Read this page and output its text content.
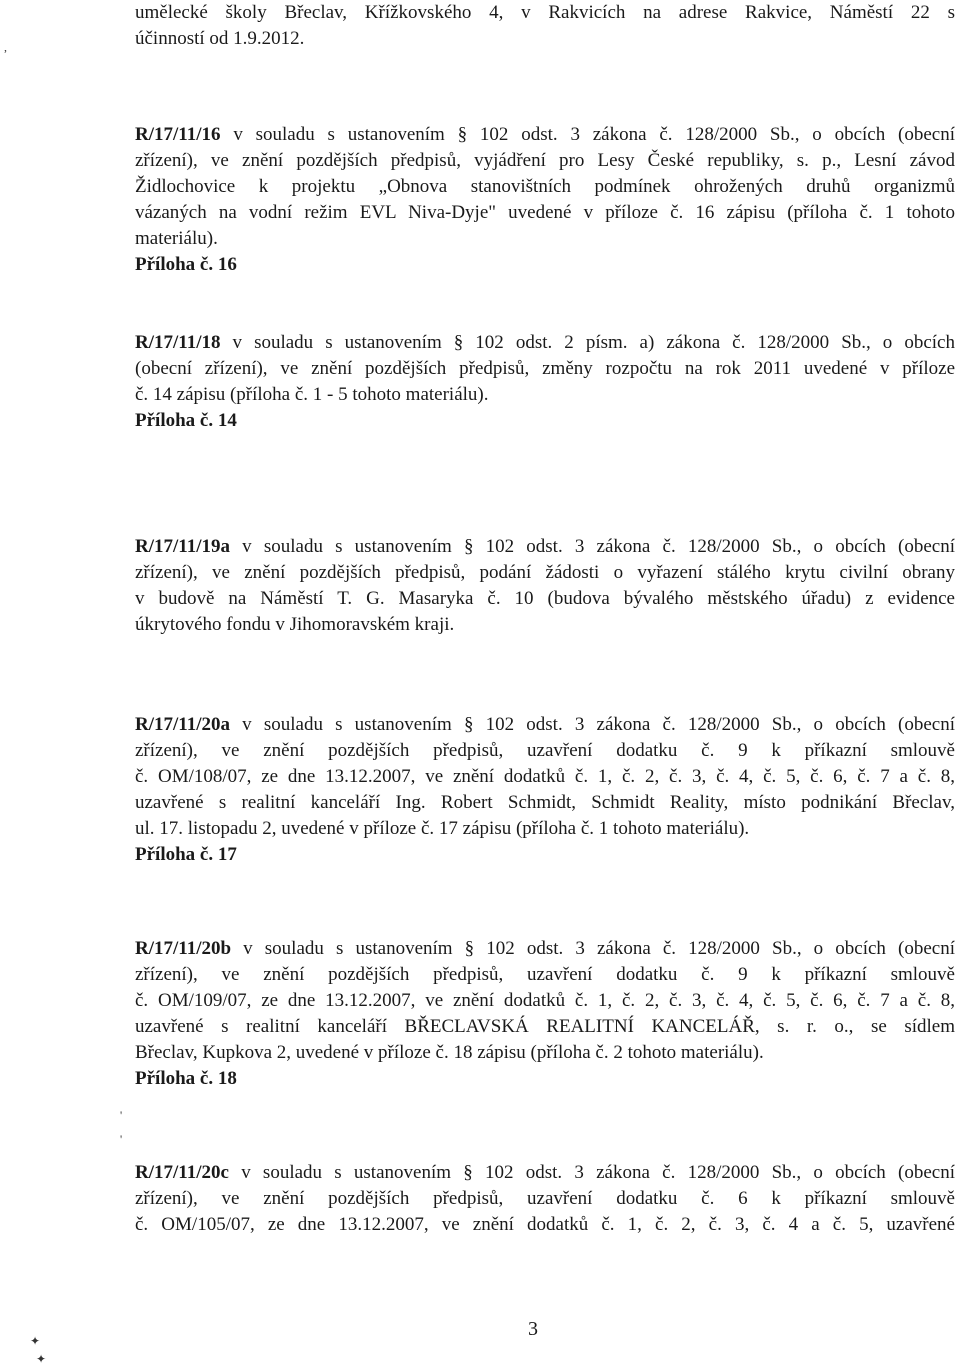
umělecké školy Břeclav, Křížkovského 4, v Rakvicích na adrese Rakvice, Náměstí 22 s
účinností od 1.9.2012.

R/17/11/16 v souladu s ustanovením § 102 odst. 3 zákona č. 128/2000 Sb., o obcích (obecní
zřízení), ve znění pozdějších předpisů, vyjádření pro Lesy České republiky, s. p., Lesní závod
Židlochovice k projektu „Obnova stanovištních podmínek ohrožených druhů organizmů
vázaných na vodní režim EVL Niva-Dyje" uvedené v příloze č. 16 zápisu (příloha č. 1 tohoto
materiálu).
Příloha č. 16
R/17/11/18 v souladu s ustanovením § 102 odst. 2 písm. a) zákona č. 128/2000 Sb., o obcích
(obecní zřízení), ve znění pozdějších předpisů, změny rozpočtu na rok 2011 uvedené v příloze
č. 14 zápisu (příloha č. 1 - 5 tohoto materiálu).
Příloha č. 14
R/17/11/19a v souladu s ustanovením § 102 odst. 3 zákona č. 128/2000 Sb., o obcích (obecní
zřízení), ve znění pozdějších předpisů, podání žádosti o vyřazení stálého krytu civilní obrany
v budově na Náměstí T. G. Masaryka č. 10 (budova bývalého městského úřadu) z evidence
úkrytového fondu v Jihomoravském kraji.
R/17/11/20a v souladu s ustanovením § 102 odst. 3 zákona č. 128/2000 Sb., o obcích (obecní
zřízení), ve znění pozdějších předpisů, uzavření dodatku č. 9 k příkazní smlouvě
č. OM/108/07, ze dne 13.12.2007, ve znění dodatků č. 1, č. 2, č. 3, č. 4, č. 5, č. 6, č. 7 a č. 8,
uzavřené s realitní kanceláří Ing. Robert Schmidt, Schmidt Reality, místo podnikání Břeclav,
ul. 17. listopadu 2, uvedené v příloze č. 17 zápisu (příloha č. 1 tohoto materiálu).
Příloha č. 17
R/17/11/20b v souladu s ustanovením § 102 odst. 3 zákona č. 128/2000 Sb., o obcích (obecní
zřízení), ve znění pozdějších předpisů, uzavření dodatku č. 9 k příkazní smlouvě
č. OM/109/07, ze dne 13.12.2007, ve znění dodatků č. 1, č. 2, č. 3, č. 4, č. 5, č. 6, č. 7 a č. 8,
uzavřené s realitní kanceláří BŘECLAVSKÁ REALITNÍ KANCELÁŘ, s. r. o., se sídlem
Břeclav, Kupkova 2, uvedené v příloze č. 18 zápisu (příloha č. 2 tohoto materiálu).
Příloha č. 18
R/17/11/20c v souladu s ustanovením § 102 odst. 3 zákona č. 128/2000 Sb., o obcích (obecní
zřízení), ve znění pozdějších předpisů, uzavření dodatku č. 6 k příkazní smlouvě
č. OM/105/07, ze dne 13.12.2007, ve znění dodatků č. 1, č. 2, č. 3, č. 4 a č. 5, uzavřené
3
,
'
'
✦
✦
